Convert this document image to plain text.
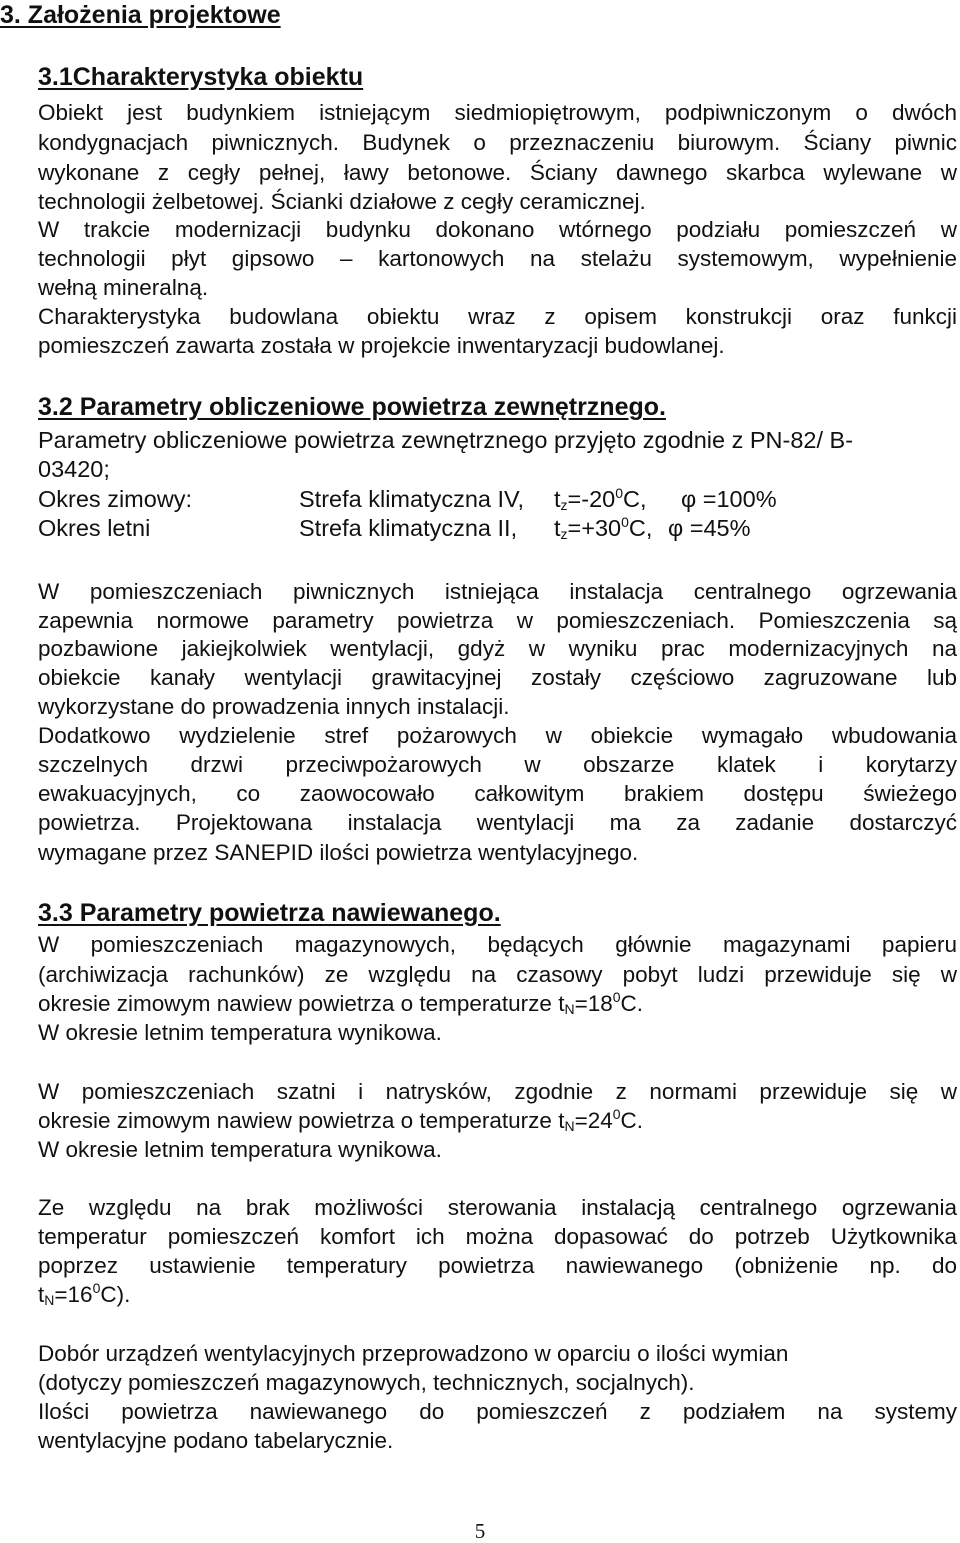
3. Założenia projektowe
3.1Charakterystyka obiektu
Obiekt jest budynkiem istniejącym siedmiopiętrowym, podpiwniczonym o dwóch
kondygnacjach piwnicznych. Budynek o przeznaczeniu biurowym. Ściany piwnic
wykonane z cegły pełnej, ławy betonowe. Ściany dawnego skarbca wylewane w
technologii żelbetowej. Ścianki działowe z cegły ceramicznej.
W trakcie modernizacji budynku dokonano wtórnego podziału pomieszczeń w
technologii płyt gipsowo – kartonowych na stelażu systemowym, wypełnienie
wełną mineralną.
Charakterystyka budowlana obiektu wraz z opisem konstrukcji oraz funkcji
pomieszczeń zawarta została w projekcie inwentaryzacji budowlanej.
3.2 Parametry obliczeniowe powietrza zewnętrznego.
Parametry obliczeniowe powietrza zewnętrznego przyjęto zgodnie z PN-82/ B-
03420;
Okres zimowy:	Strefa klimatyczna IV, $t_z=-20^0C$, φ =100%
Okres letni	Strefa klimatyczna II, $t_z=+30^0C$, φ =45%
W pomieszczeniach piwnicznych istniejąca instalacja centralnego ogrzewania
zapewnia normowe parametry powietrza w pomieszczeniach. Pomieszczenia są
pozbawione jakiejkolwiek wentylacji, gdyż w wyniku prac modernizacyjnych na
obiekcie kanały wentylacji grawitacyjnej zostały częściowo zagruzowane lub
wykorzystane do prowadzenia innych instalacji.
Dodatkowo wydzielenie stref pożarowych w obiekcie wymagało wbudowania
szczelnych drzwi przeciwpożarowych w obszarze klatek i korytarzy
ewakuacyjnych, co zaowocowało całkowitym brakiem dostępu świeżego
powietrza. Projektowana instalacja wentylacji ma za zadanie dostarczyć
wymagane przez SANEPID ilości powietrza wentylacyjnego.
3.3 Parametry powietrza nawiewanego.
W pomieszczeniach magazynowych, będących głównie magazynami papieru
(archiwizacja rachunków) ze względu na czasowy pobyt ludzi przewiduje się w
okresie zimowym nawiew powietrza o temperaturze $t_N=18^0C$.
W okresie letnim temperatura wynikowa.
W pomieszczeniach szatni i natrysków, zgodnie z normami przewiduje się w
okresie zimowym nawiew powietrza o temperaturze $t_N=24^0C$.
W okresie letnim temperatura wynikowa.
Ze względu na brak możliwości sterowania instalacją centralnego ogrzewania
temperatur pomieszczeń komfort ich można dopasować do potrzeb Użytkownika
poprzez ustawienie temperatury powietrza nawiewanego (obniżenie np. do
$t_N=16^0C$).
Dobór urządzeń wentylacyjnych przeprowadzono w oparciu o ilości wymian
(dotyczy pomieszczeń magazynowych, technicznych, socjalnych).
Ilości powietrza nawiewanego do pomieszczeń z podziałem na systemy
wentylacyjne podano tabelarycznie.
5
